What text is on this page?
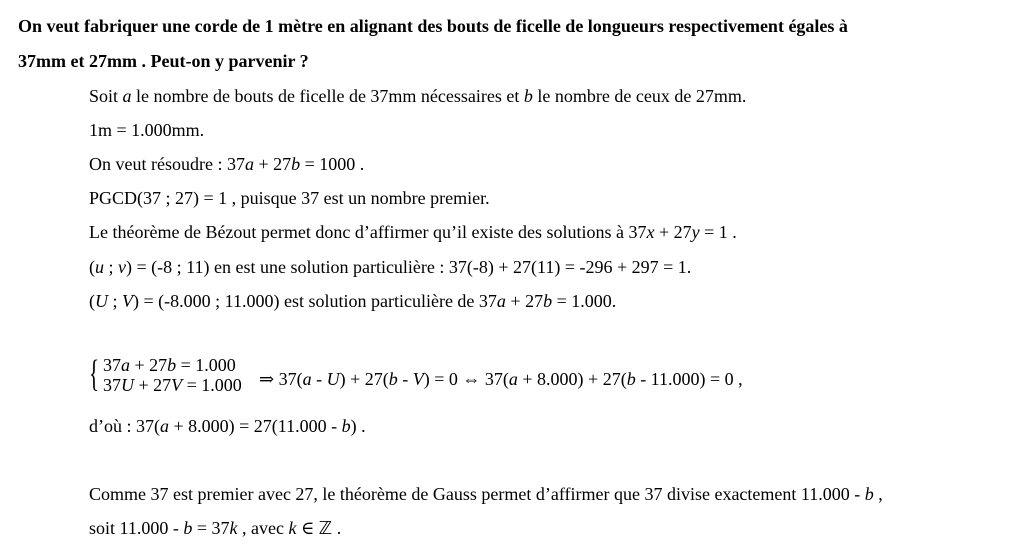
On veut fabriquer une corde de 1 mètre en alignant des bouts de ficelle de longueurs respectivement égales à
37mm et 27mm . Peut-on y parvenir ?
Soit a le nombre de bouts de ficelle de 37mm nécessaires et b le nombre de ceux de 27mm.
1m = 1.000mm.
On veut résoudre : 37a + 27b = 1000 .
PGCD(37 ; 27) = 1 , puisque 37 est un nombre premier.
Le théorème de Bézout permet donc d’affirmer qu’il existe des solutions à 37x + 27y = 1 .
(u ; v) = (-8 ; 11) en est une solution particulière : 37(-8) + 27(11) = -296 + 297 = 1.
(U ; V) = (-8.000 ; 11.000) est solution particulière de 37a + 27b = 1.000.
{ 37a + 27b = 1.000
37U + 27V = 1.000 ⇒ 37(a - U) + 27(b - V) = 0 ⇔ 37(a + 8.000) + 27(b - 11.000) = 0 ,
d’où : 37(a + 8.000) = 27(11.000 - b) .
Comme 37 est premier avec 27, le théorème de Gauss permet d’affirmer que 37 divise exactement 11.000 - b ,
soit 11.000 - b = 37k , avec k ∈ ℤ .
